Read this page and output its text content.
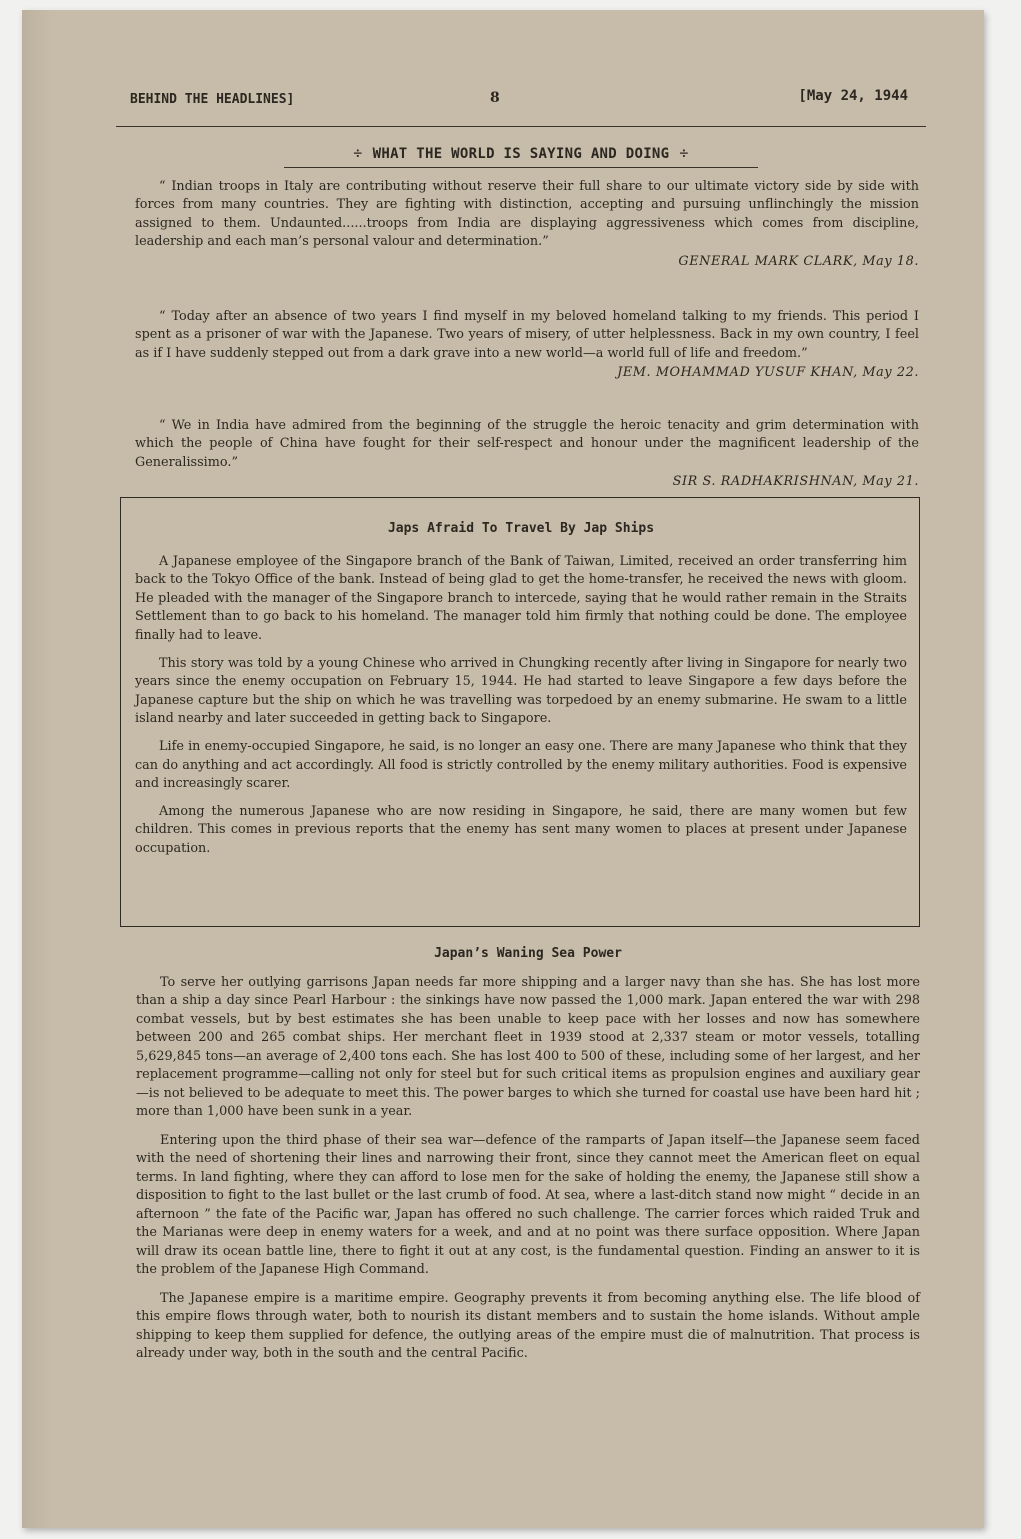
BEHIND THE HEADLINES]	8	[May 24, 1944
÷ WHAT THE WORLD IS SAYING AND DOING ÷

“ Indian troops in Italy are contributing without reserve their full share to our ultimate victory side by side with forces from many countries. They are fighting with distinction, accepting and pursuing unflinchingly the mission assigned to them. Undaunted......troops from India are displaying aggressiveness which comes from discipline, leadership and each man’s personal valour and determination.”

GENERAL MARK CLARK, May 18.

“ Today after an absence of two years I find myself in my beloved homeland talking to my friends. This period I spent as a prisoner of war with the Japanese. Two years of misery, of utter helplessness. Back in my own country, I feel as if I have suddenly stepped out from a dark grave into a new world—a world full of life and freedom.”

JEM. MOHAMMAD YUSUF KHAN, May 22.

“ We in India have admired from the beginning of the struggle the heroic tenacity and grim determination with which the people of China have fought for their self-respect and honour under the magnificent leadership of the Generalissimo.”

SIR S. RADHAKRISHNAN, May 21.
Japs Afraid To Travel By Jap Ships

A Japanese employee of the Singapore branch of the Bank of Taiwan, Limited, received an order transferring him back to the Tokyo Office of the bank. Instead of being glad to get the home-transfer, he received the news with gloom. He pleaded with the manager of the Singapore branch to intercede, saying that he would rather remain in the Straits Settlement than to go back to his homeland. The manager told him firmly that nothing could be done. The employee finally had to leave.

This story was told by a young Chinese who arrived in Chungking recently after living in Singapore for nearly two years since the enemy occupation on February 15, 1944. He had started to leave Singapore a few days before the Japanese capture but the ship on which he was travelling was torpedoed by an enemy submarine. He swam to a little island nearby and later succeeded in getting back to Singapore.

Life in enemy-occupied Singapore, he said, is no longer an easy one. There are many Japanese who think that they can do anything and act accordingly. All food is strictly controlled by the enemy military authorities. Food is expensive and increasingly scarer.

Among the numerous Japanese who are now residing in Singapore, he said, there are many women but few children. This comes in previous reports that the enemy has sent many women to places at present under Japanese occupation.

Japan’s Waning Sea Power

To serve her outlying garrisons Japan needs far more shipping and a larger navy than she has. She has lost more than a ship a day since Pearl Harbour : the sinkings have now passed the 1,000 mark. Japan entered the war with 298 combat vessels, but by best estimates she has been unable to keep pace with her losses and now has somewhere between 200 and 265 combat ships. Her merchant fleet in 1939 stood at 2,337 steam or motor vessels, totalling 5,629,845 tons—an average of 2,400 tons each. She has lost 400 to 500 of these, including some of her largest, and her replacement programme—calling not only for steel but for such critical items as propulsion engines and auxiliary gear—is not believed to be adequate to meet this. The power barges to which she turned for coastal use have been hard hit ; more than 1,000 have been sunk in a year.

Entering upon the third phase of their sea war—defence of the ramparts of Japan itself—the Japanese seem faced with the need of shortening their lines and narrowing their front, since they cannot meet the American fleet on equal terms. In land fighting, where they can afford to lose men for the sake of holding the enemy, the Japanese still show a disposition to fight to the last bullet or the last crumb of food. At sea, where a last-ditch stand now might “ decide in an afternoon ” the fate of the Pacific war, Japan has offered no such challenge. The carrier forces which raided Truk and the Marianas were deep in enemy waters for a week, and and at no point was there surface opposition. Where Japan will draw its ocean battle line, there to fight it out at any cost, is the fundamental question. Finding an answer to it is the problem of the Japanese High Command.

The Japanese empire is a maritime empire. Geography prevents it from becoming anything else. The life blood of this empire flows through water, both to nourish its distant members and to sustain the home islands. Without ample shipping to keep them supplied for defence, the outlying areas of the empire must die of malnutrition. That process is already under way, both in the south and the central Pacific.
